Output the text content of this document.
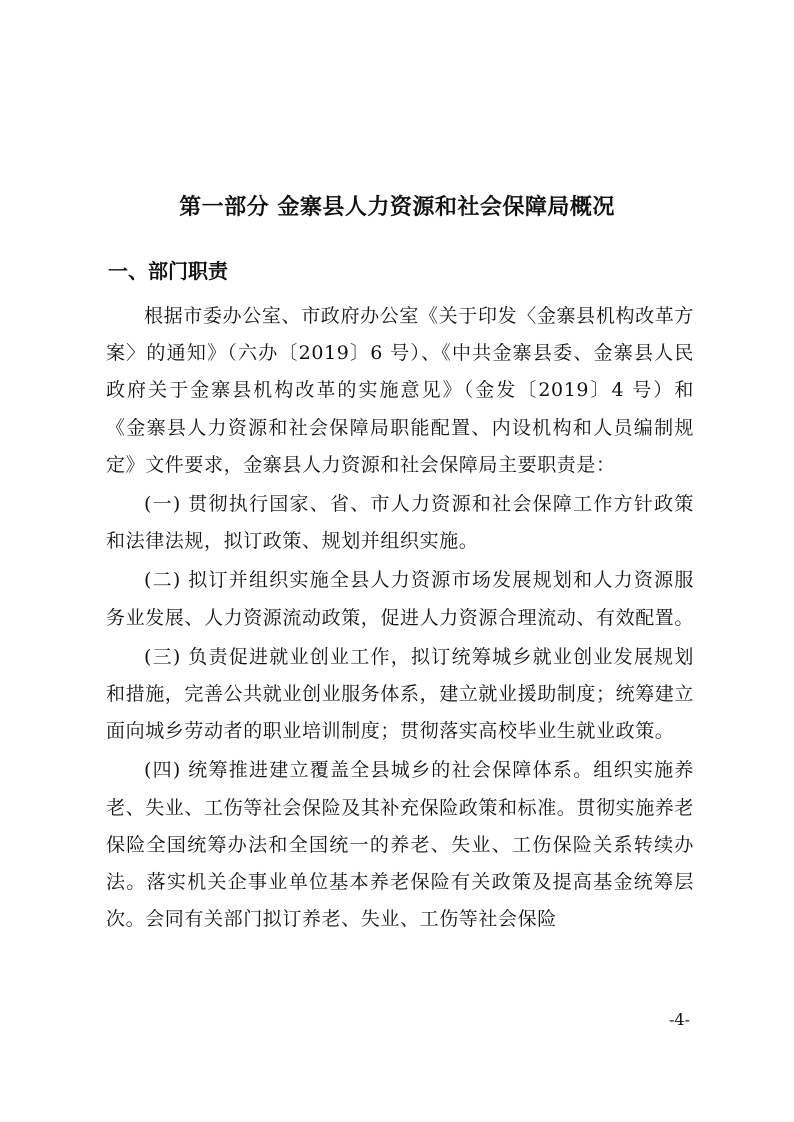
第一部分 金寨县人力资源和社会保障局概况
一、部门职责

根据市委办公室、市政府办公室《关于印发〈金寨县机构改革方案〉的通知》（六办〔2019〕6 号）、《中共金寨县委、金寨县人民政府关于金寨县机构改革的实施意见》（金发〔2019〕4 号）和《金寨县人力资源和社会保障局职能配置、内设机构和人员编制规定》文件要求，金寨县人力资源和社会保障局主要职责是：

(一) 贯彻执行国家、省、市人力资源和社会保障工作方针政策和法律法规，拟订政策、规划并组织实施。

(二) 拟订并组织实施全县人力资源市场发展规划和人力资源服务业发展、人力资源流动政策，促进人力资源合理流动、有效配置。

(三) 负责促进就业创业工作，拟订统筹城乡就业创业发展规划和措施，完善公共就业创业服务体系，建立就业援助制度；统筹建立面向城乡劳动者的职业培训制度；贯彻落实高校毕业生就业政策。

(四) 统筹推进建立覆盖全县城乡的社会保障体系。组织实施养老、失业、工伤等社会保险及其补充保险政策和标准。贯彻实施养老保险全国统筹办法和全国统一的养老、失业、工伤保险关系转续办法。落实机关企事业单位基本养老保险有关政策及提高基金统筹层次。会同有关部门拟订养老、失业、工伤等社会保险

-4-
